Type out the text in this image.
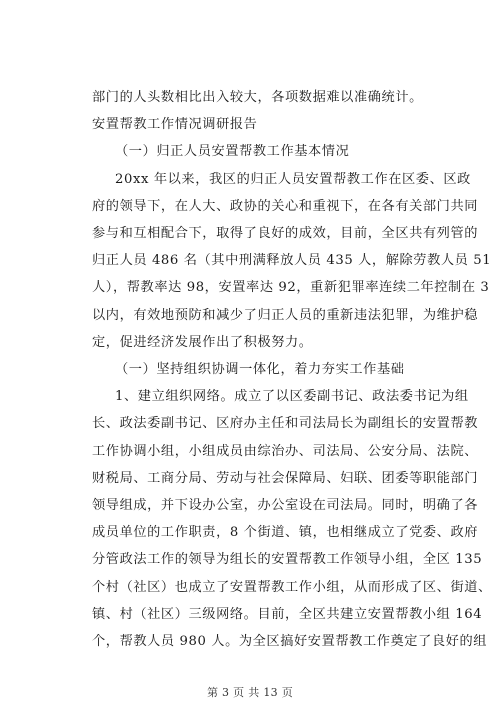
部门的人头数相比出入较大，各项数据难以准确统计。
安置帮教工作情况调研报告
（一）归正人员安置帮教工作基本情况
20xx 年以来，我区的归正人员安置帮教工作在区委、区政
府的领导下，在人大、政协的关心和重视下，在各有关部门共同
参与和互相配合下，取得了良好的成效，目前，全区共有列管的
归正人员 486 名（其中刑满释放人员 435 人，解除劳教人员 51
人），帮教率达 98，安置率达 92，重新犯罪率连续二年控制在 3
以内，有效地预防和减少了归正人员的重新违法犯罪，为维护稳
定，促进经济发展作出了积极努力。
（一）坚持组织协调一体化，着力夯实工作基础
1、建立组织网络。成立了以区委副书记、政法委书记为组
长、政法委副书记、区府办主任和司法局长为副组长的安置帮教
工作协调小组，小组成员由综治办、司法局、公安分局、法院、
财税局、工商分局、劳动与社会保障局、妇联、团委等职能部门
领导组成，并下设办公室，办公室设在司法局。同时，明确了各
成员单位的工作职责，8 个街道、镇，也相继成立了党委、政府
分管政法工作的领导为组长的安置帮教工作领导小组，全区 135
个村（社区）也成立了安置帮教工作小组，从而形成了区、街道、
镇、村（社区）三级网络。目前，全区共建立安置帮教小组 164
第 3 页 共 13 页
个，帮教人员 980 人。为全区搞好安置帮教工作奠定了良好的组
